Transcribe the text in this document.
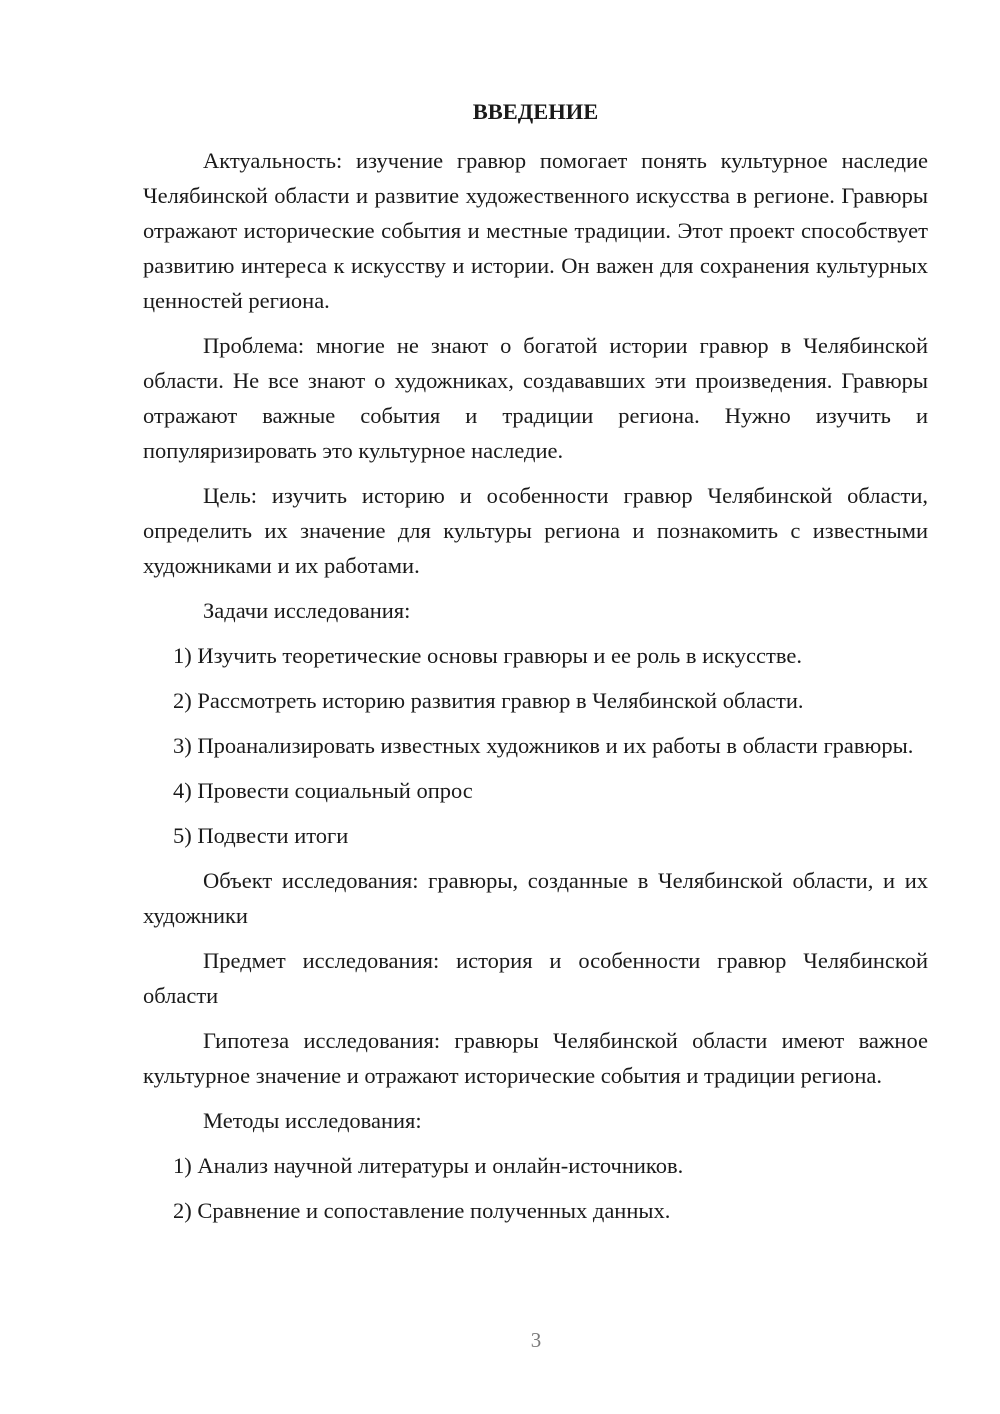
ВВЕДЕНИЕ

Актуальность: изучение гравюр помогает понять культурное наследие Челябинской области и развитие художественного искусства в регионе. Гравюры отражают исторические события и местные традиции. Этот проект способствует развитию интереса к искусству и истории. Он важен для сохранения культурных ценностей региона.

Проблема: многие не знают о богатой истории гравюр в Челябинской области. Не все знают о художниках, создававших эти произведения. Гравюры отражают важные события и традиции региона. Нужно изучить и популяризировать это культурное наследие.

Цель: изучить историю и особенности гравюр Челябинской области, определить их значение для культуры региона и познакомить с известными художниками и их работами.

Задачи исследования:

1) Изучить теоретические основы гравюры и ее роль в искусстве.

2) Рассмотреть историю развития гравюр в Челябинской области.

3) Проанализировать известных художников и их работы в области гравюры.

4) Провести социальный опрос

5) Подвести итоги

Объект исследования: гравюры, созданные в Челябинской области, и их художники

Предмет исследования: история и особенности гравюр Челябинской области

Гипотеза исследования: гравюры Челябинской области имеют важное культурное значение и отражают исторические события и традиции региона.

Методы исследования:

1) Анализ научной литературы и онлайн-источников.

2) Сравнение и сопоставление полученных данных.

3
